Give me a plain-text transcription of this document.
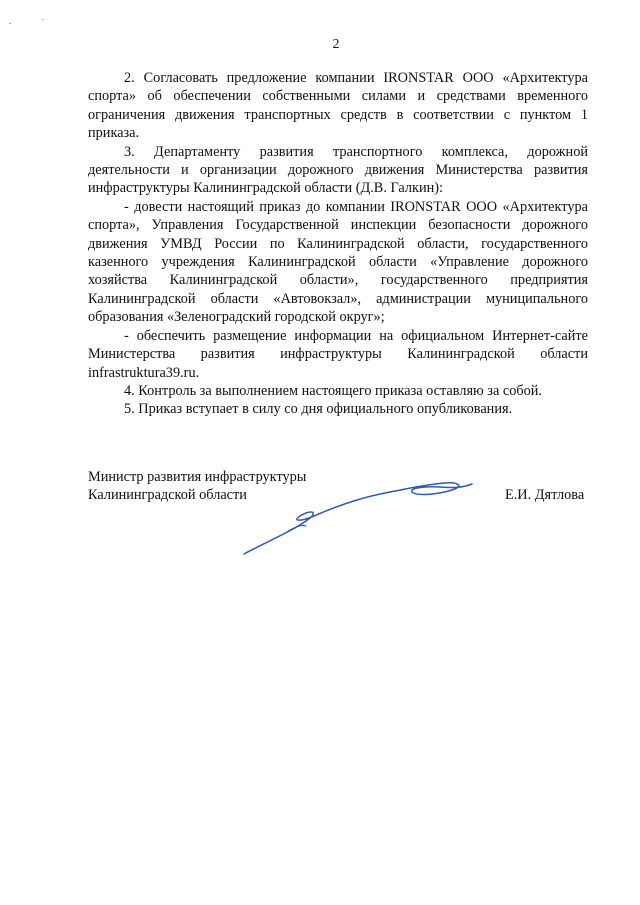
2

2. Согласовать предложение компании IRONSTAR ООО «Архитектура спорта» об обеспечении собственными силами и средствами временного ограничения движения транспортных средств в соответствии с пунктом 1 приказа.

3. Департаменту развития транспортного комплекса, дорожной деятельности и организации дорожного движения Министерства развития инфраструктуры Калининградской области (Д.В. Галкин):

- довести настоящий приказ до компании IRONSTAR ООО «Архитектура спорта», Управления Государственной инспекции безопасности дорожного движения УМВД России по Калининградской области, государственного казенного учреждения Калининградской области «Управление дорожного хозяйства Калининградской области», государственного предприятия Калининградской области «Автовокзал», администрации муниципального образования «Зеленоградский городской округ»;

- обеспечить размещение информации на официальном Интернет-сайте Министерства развития инфраструктуры Калининградской области infrastruktura39.ru.

4. Контроль за выполнением настоящего приказа оставляю за собой.

5. Приказ вступает в силу со дня официального опубликования.

Министр развития инфраструктуры
Калининградской области	Е.И. Дятлова
